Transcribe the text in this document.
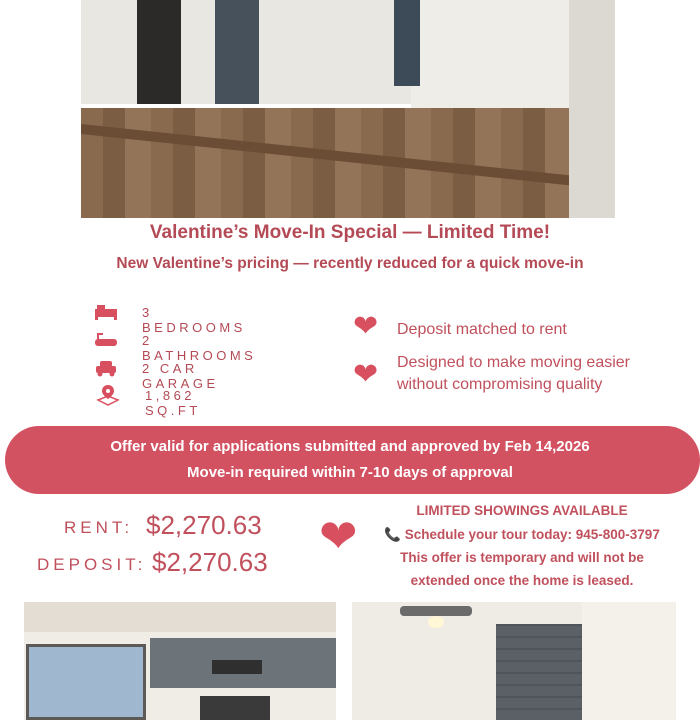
Valentine’s Move-In Special — Limited Time!
New Valentine’s pricing — recently reduced for a quick move-in
3 BEDROOMS
2 BATHROOMS
2 CAR GARAGE
1,862 SQ.FT
❤ Deposit matched to rent
❤ Designed to make moving easier without compromising quality
Offer valid for applications submitted and approved by Feb 14,2026
Move-in required within 7-10 days of approval
RENT: $2,270.63
DEPOSIT: $2,270.63 ❤	LIMITED SHOWINGS AVAILABLE
📞 Schedule your tour today: 945-800-3797
This offer is temporary and will not be
extended once the home is leased.
